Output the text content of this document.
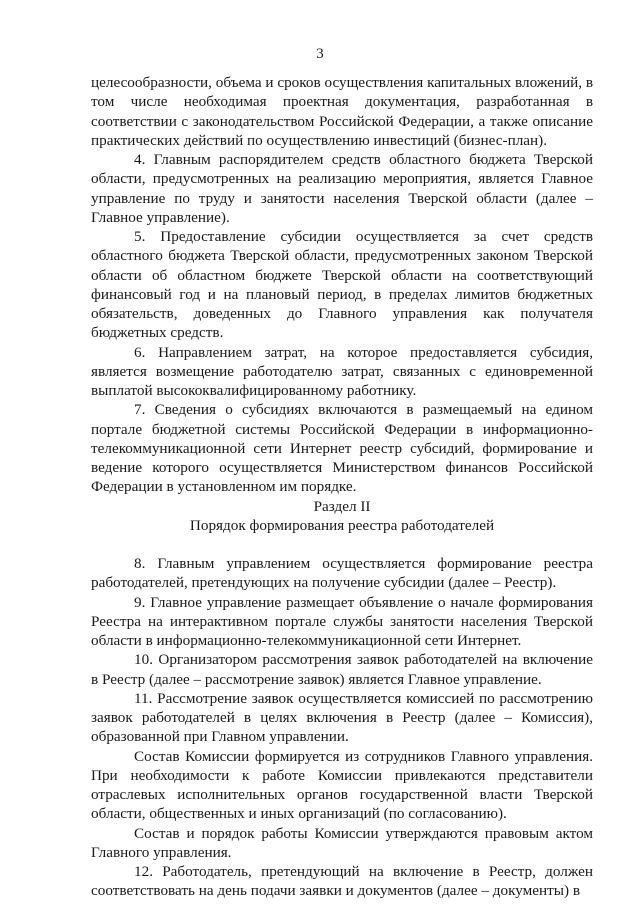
3

целесообразности, объема и сроков осуществления капитальных вложений, в том числе необходимая проектная документация, разработанная в соответствии с законодательством Российской Федерации, а также описание практических действий по осуществлению инвестиций (бизнес-план).

4. Главным распорядителем средств областного бюджета Тверской области, предусмотренных на реализацию мероприятия, является Главное управление по труду и занятости населения Тверской области (далее – Главное управление).

5. Предоставление субсидии осуществляется за счет средств областного бюджета Тверской области, предусмотренных законом Тверской области об областном бюджете Тверской области на соответствующий финансовый год и на плановый период, в пределах лимитов бюджетных обязательств, доведенных до Главного управления как получателя бюджетных средств.

6. Направлением затрат, на которое предоставляется субсидия, является возмещение работодателю затрат, связанных с единовременной выплатой высококвалифицированному работнику.

7. Сведения о субсидиях включаются в размещаемый на едином портале бюджетной системы Российской Федерации в информационно-телекоммуникационной сети Интернет реестр субсидий, формирование и ведение которого осуществляется Министерством финансов Российской Федерации в установленном им порядке.

Раздел II

Порядок формирования реестра работодателей

8. Главным управлением осуществляется формирование реестра работодателей, претендующих на получение субсидии (далее – Реестр).

9. Главное управление размещает объявление о начале формирования Реестра на интерактивном портале службы занятости населения Тверской области в информационно-телекоммуникационной сети Интернет.

10. Организатором рассмотрения заявок работодателей на включение в Реестр (далее – рассмотрение заявок) является Главное управление.

11. Рассмотрение заявок осуществляется комиссией по рассмотрению заявок работодателей в целях включения в Реестр (далее – Комиссия), образованной при Главном управлении.

Состав Комиссии формируется из сотрудников Главного управления. При необходимости к работе Комиссии привлекаются представители отраслевых исполнительных органов государственной власти Тверской области, общественных и иных организаций (по согласованию).

Состав и порядок работы Комиссии утверждаются правовым актом Главного управления.

12. Работодатель, претендующий на включение в Реестр, должен соответствовать на день подачи заявки и документов (далее – документы) в
